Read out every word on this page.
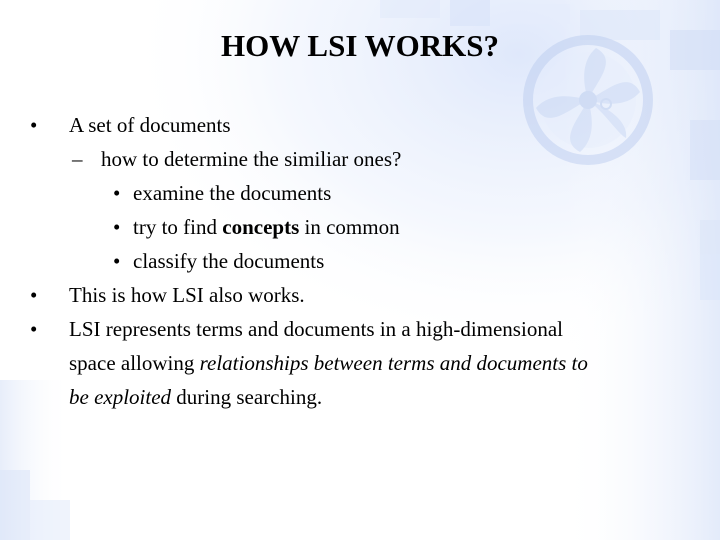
HOW LSI WORKS?
• A set of documents
– how to determine the similiar ones?
• examine the documents
• try to find concepts in common
• classify the documents
• This is how LSI also works.
• LSI represents terms and documents in a high-dimensional
space allowing relationships between terms and documents to
be exploited during searching.
